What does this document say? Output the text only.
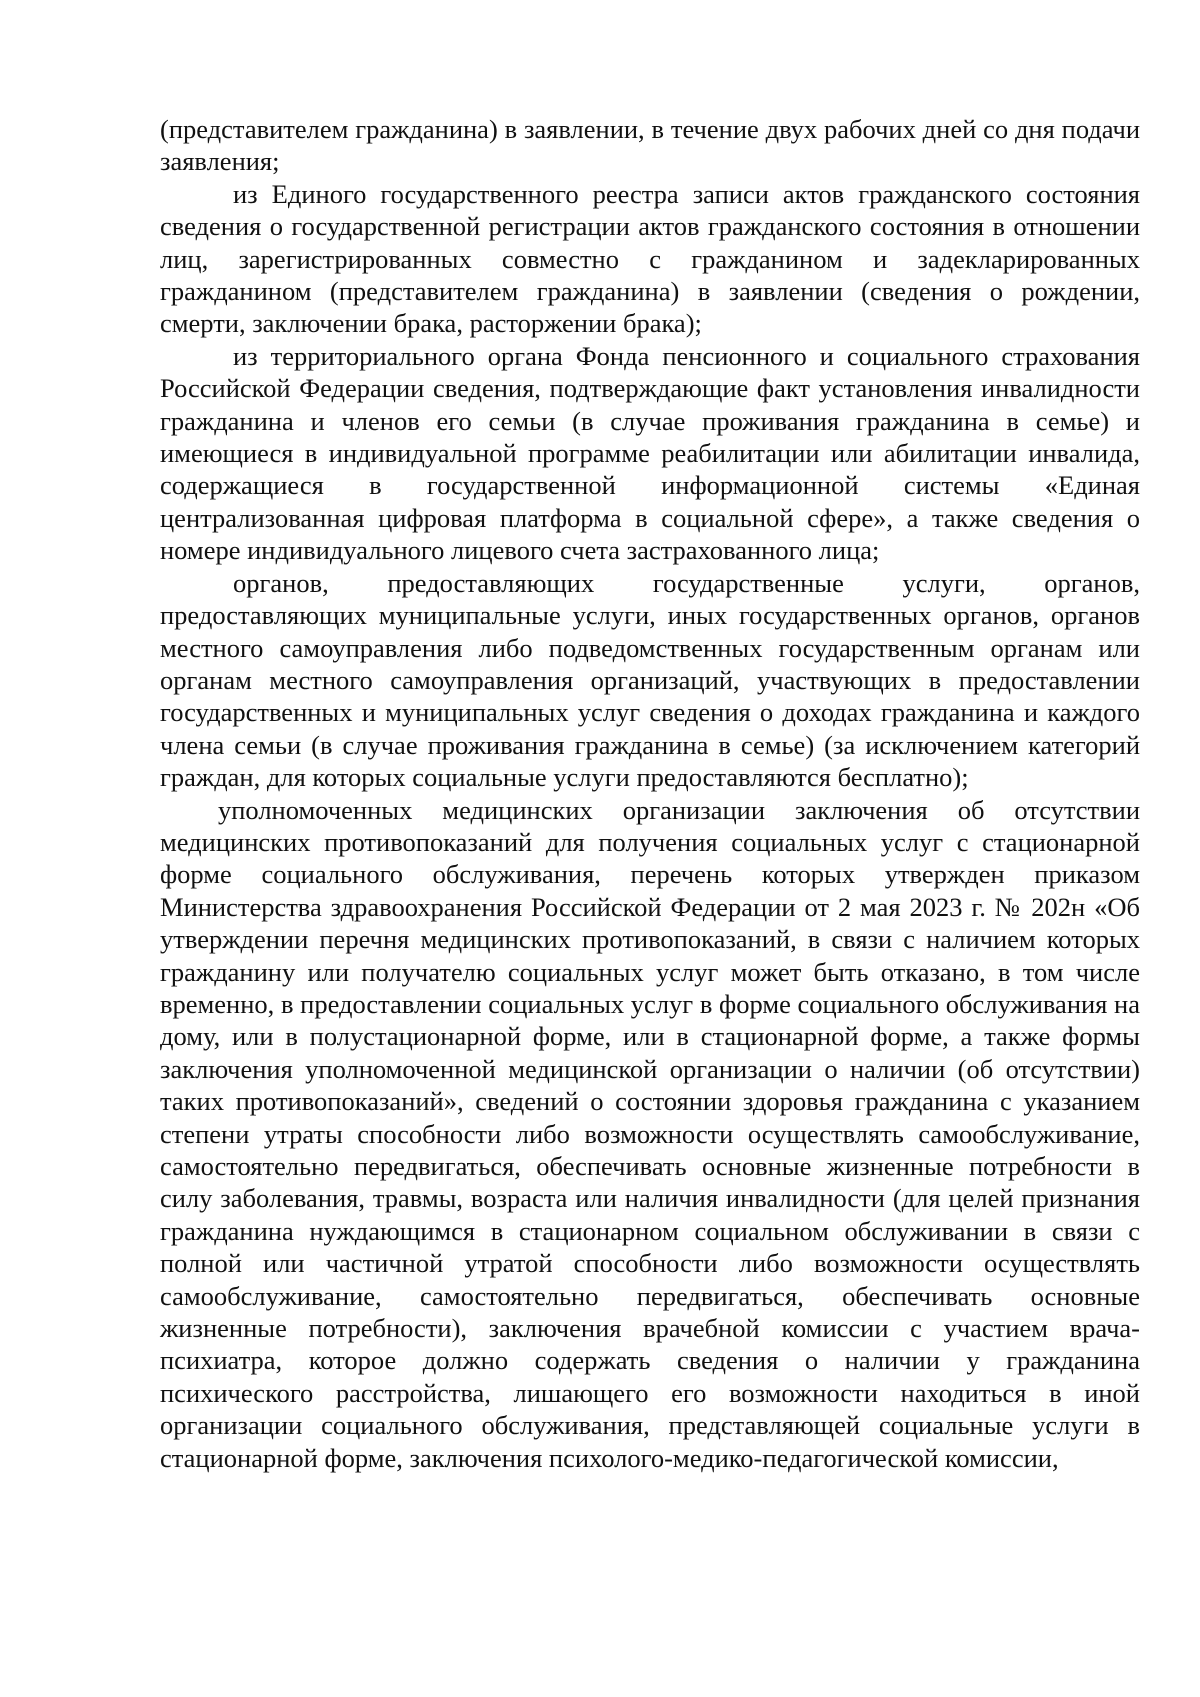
(представителем гражданина) в заявлении, в течение двух рабочих дней со дня подачи заявления;

из Единого государственного реестра записи актов гражданского состояния сведения о государственной регистрации актов гражданского состояния в отношении лиц, зарегистрированных совместно с гражданином и задекларированных гражданином (представителем гражданина) в заявлении (сведения о рождении, смерти, заключении брака, расторжении брака);

из территориального органа Фонда пенсионного и социального страхования Российской Федерации сведения, подтверждающие факт установления инвалидности гражданина и членов его семьи (в случае проживания гражданина в семье) и имеющиеся в индивидуальной программе реабилитации или абилитации инвалида, содержащиеся в государственной информационной системы «Единая централизованная цифровая платформа в социальной сфере», а также сведения о номере индивидуального лицевого счета застрахованного лица;

органов, предоставляющих государственные услуги, органов, предоставляющих муниципальные услуги, иных государственных органов, органов местного самоуправления либо подведомственных государственным органам или органам местного самоуправления организаций, участвующих в предоставлении государственных и муниципальных услуг сведения о доходах гражданина и каждого члена семьи (в случае проживания гражданина в семье) (за исключением категорий граждан, для которых социальные услуги предоставляются бесплатно);

уполномоченных медицинских организации заключения об отсутствии медицинских противопоказаний для получения социальных услуг с стационарной форме социального обслуживания, перечень которых утвержден приказом Министерства здравоохранения Российской Федерации от 2 мая 2023 г. № 202н «Об утверждении перечня медицинских противопоказаний, в связи с наличием которых гражданину или получателю социальных услуг может быть отказано, в том числе временно, в предоставлении социальных услуг в форме социального обслуживания на дому, или в полустационарной форме, или в стационарной форме, а также формы заключения уполномоченной медицинской организации о наличии (об отсутствии) таких противопоказаний», сведений о состоянии здоровья гражданина с указанием степени утраты способности либо возможности осуществлять самообслуживание, самостоятельно передвигаться, обеспечивать основные жизненные потребности в силу заболевания, травмы, возраста или наличия инвалидности (для целей признания гражданина нуждающимся в стационарном социальном обслуживании в связи с полной или частичной утратой способности либо возможности осуществлять самообслуживание, самостоятельно передвигаться, обеспечивать основные жизненные потребности), заключения врачебной комиссии с участием врача-психиатра, которое должно содержать сведения о наличии у гражданина психического расстройства, лишающего его возможности находиться в иной организации социального обслуживания, представляющей социальные услуги в стационарной форме, заключения психолого-медико-педагогической комиссии,
